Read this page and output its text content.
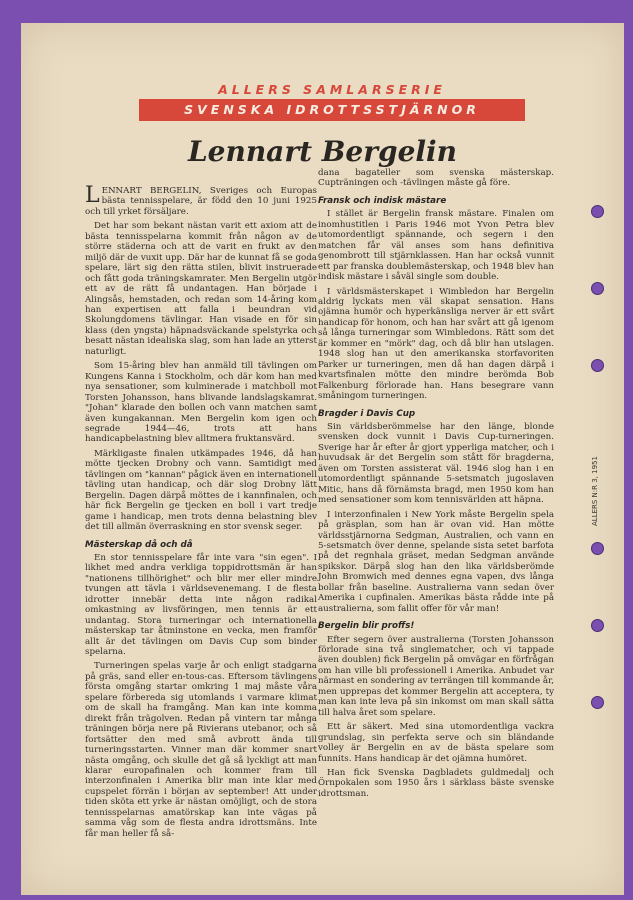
ALLERS SAMLARSERIE
SVENSKA IDROTTSSTJÄRNOR
Lennart Bergelin

LENNART BERGELIN, Sveriges och Europas bästa tennisspelare, är född den 10 juni 1925 och till yrket försäljare.

Det har som bekant nästan varit ett axiom att de bästa tennisspelarna kommit från någon av de större städerna och att de varit en frukt av den miljö där de vuxit upp. Där har de kunnat få se goda spelare, lärt sig den rätta stilen, blivit instruerade och fått goda träningskamrater. Men Bergelin utgör ett av de rätt få undantagen. Han började i Alingsås, hemstaden, och redan som 14-åring kom han expertisen att falla i beundran vid Skolungdomens tävlingar. Han visade en för sin klass (den yngsta) häpnadsväckande spelstyrka och besatt nästan idealiska slag, som han lade an ytterst naturligt.

Som 15-åring blev han anmäld till tävlingen om Kungens Kanna i Stockholm, och där kom han med nya sensationer, som kulminerade i matchboll mot Torsten Johansson, hans blivande landslagskamrat. "Johan" klarade den bollen och vann matchen samt även kungakannan. Men Bergelin kom igen och segrade 1944—46, trots att hans handicapbelastning blev alltmera fruktansvärd.

Märkligaste finalen utkämpades 1946, då han mötte tjecken Drobny och vann. Samtidigt med tävlingen om "kannan" pågick även en internationell tävling utan handicap, och där slog Drobny lätt Bergelin. Dagen därpå möttes de i kannfinalen, och här fick Bergelin ge tjecken en boll i vart tredje game i handicap, men trots denna belastning blev det till allmän överraskning en stor svensk seger.

Mästerskap då och då

En stor tennisspelare får inte vara "sin egen". I likhet med andra verkliga toppidrottsmän är han "nationens tillhörighet" och blir mer eller mindre tvungen att tävla i världsevenemang. I de flesta idrotter innebär detta inte någon radikal omkastning av livsföringen, men tennis är ett undantag. Stora turneringar och internationella mästerskap tar åtminstone en vecka, men framför allt är det tävlingen om Davis Cup som binder spelarna.

Turneringen spelas varje år och enligt stadgarna på gräs, sand eller en-tous-cas. Eftersom tävlingens första omgång startar omkring 1 maj måste våra spelare förbereda sig utomlands i varmare klimat om de skall ha framgång. Man kan inte komma direkt från trägolven. Redan på vintern tar många träningen börja nere på Rivierans utebanor, och så fortsätter den med små avbrott ända till turneringsstarten. Vinner man där kommer snart nästa omgång, och skulle det gå så lyckligt att man klarar europafinalen och kommer fram till interzonfinalen i Amerika blir man inte klar med cupspelet förrän i början av september! Att under tiden sköta ett yrke är nästan omöjligt, och de stora tennisspelarnas amatörskap kan inte vägas på samma våg som de flesta andra idrottsmäns. Inte får man heller få så-

dana bagateller som svenska mästerskap. Cupträningen och -tävlingen måste gå före.

Fransk och indisk mästare

I stället är Bergelin fransk mästare. Finalen om inomhustitlen i Paris 1946 mot Yvon Petra blev utomordentligt spännande, och segern i den matchen får väl anses som hans definitiva genombrott till stjärnklassen. Han har också vunnit ett par franska doublemästerskap, och 1948 blev han indisk mästare i såväl single som double.

I världsmästerskapet i Wimbledon har Bergelin aldrig lyckats men väl skapat sensation. Hans ojämna humör och hyperkänsliga nerver är ett svårt handicap för honom, och han har svårt att gå igenom så långa turneringar som Wimbledons. Rätt som det är kommer en "mörk" dag, och då blir han utslagen. 1948 slog han ut den amerikanska storfavoriten Parker ur turneringen, men då han dagen därpå i kvartsfinalen mötte den mindre berömda Bob Falkenburg förlorade han. Hans besegrare vann småningom turneringen.

Bragder i Davis Cup

Sin världsberömmelse har den länge, blonde svensken dock vunnit i Davis Cup-turneringen. Sverige har år efter år gjort ypperliga matcher, och i huvudsak är det Bergelin som stått för bragderna, även om Torsten assisterat väl. 1946 slog han i en utomordentligt spännande 5-setsmatch jugoslaven Mitic, hans då förnämsta bragd, men 1950 kom han med sensationer som kom tennisvärlden att häpna.

I interzonfinalen i New York måste Bergelin spela på gräsplan, som han är ovan vid. Han mötte världsstjärnorna Sedgman, Australien, och vann en 5-setsmatch över denne, spelande sista setet barfota på det regnhala gräset, medan Sedgman använde spikskor. Därpå slog han den lika världsberömde John Bromwich med dennes egna vapen, dvs långa bollar från baseline. Australierna vann sedan över Amerika i cupfinalen. Amerikas bästa rådde inte på australierna, som fallit offer för vår man!

Bergelin blir proffs!

Efter segern över australierna (Torsten Johansson förlorade sina två singlematcher, och vi tappade även doublen) fick Bergelin på omvägar en förfrågan om han ville bli professionell i Amerika. Anbudet var närmast en sondering av terrängen till kommande år, men upprepas det kommer Bergelin att acceptera, ty man kan inte leva på sin inkomst om man skall sätta till halva året som spelare.

Ett är säkert. Med sina utomordentliga vackra grundslag, sin perfekta serve och sin bländande volley är Bergelin en av de bästa spelare som funnits. Hans handicap är det ojämna humöret.

Han fick Svenska Dagbladets guldmedalj och Örnpokalen som 1950 års i särklass bäste svenske idrottsman.

ALLERS N:R 3, 1951
